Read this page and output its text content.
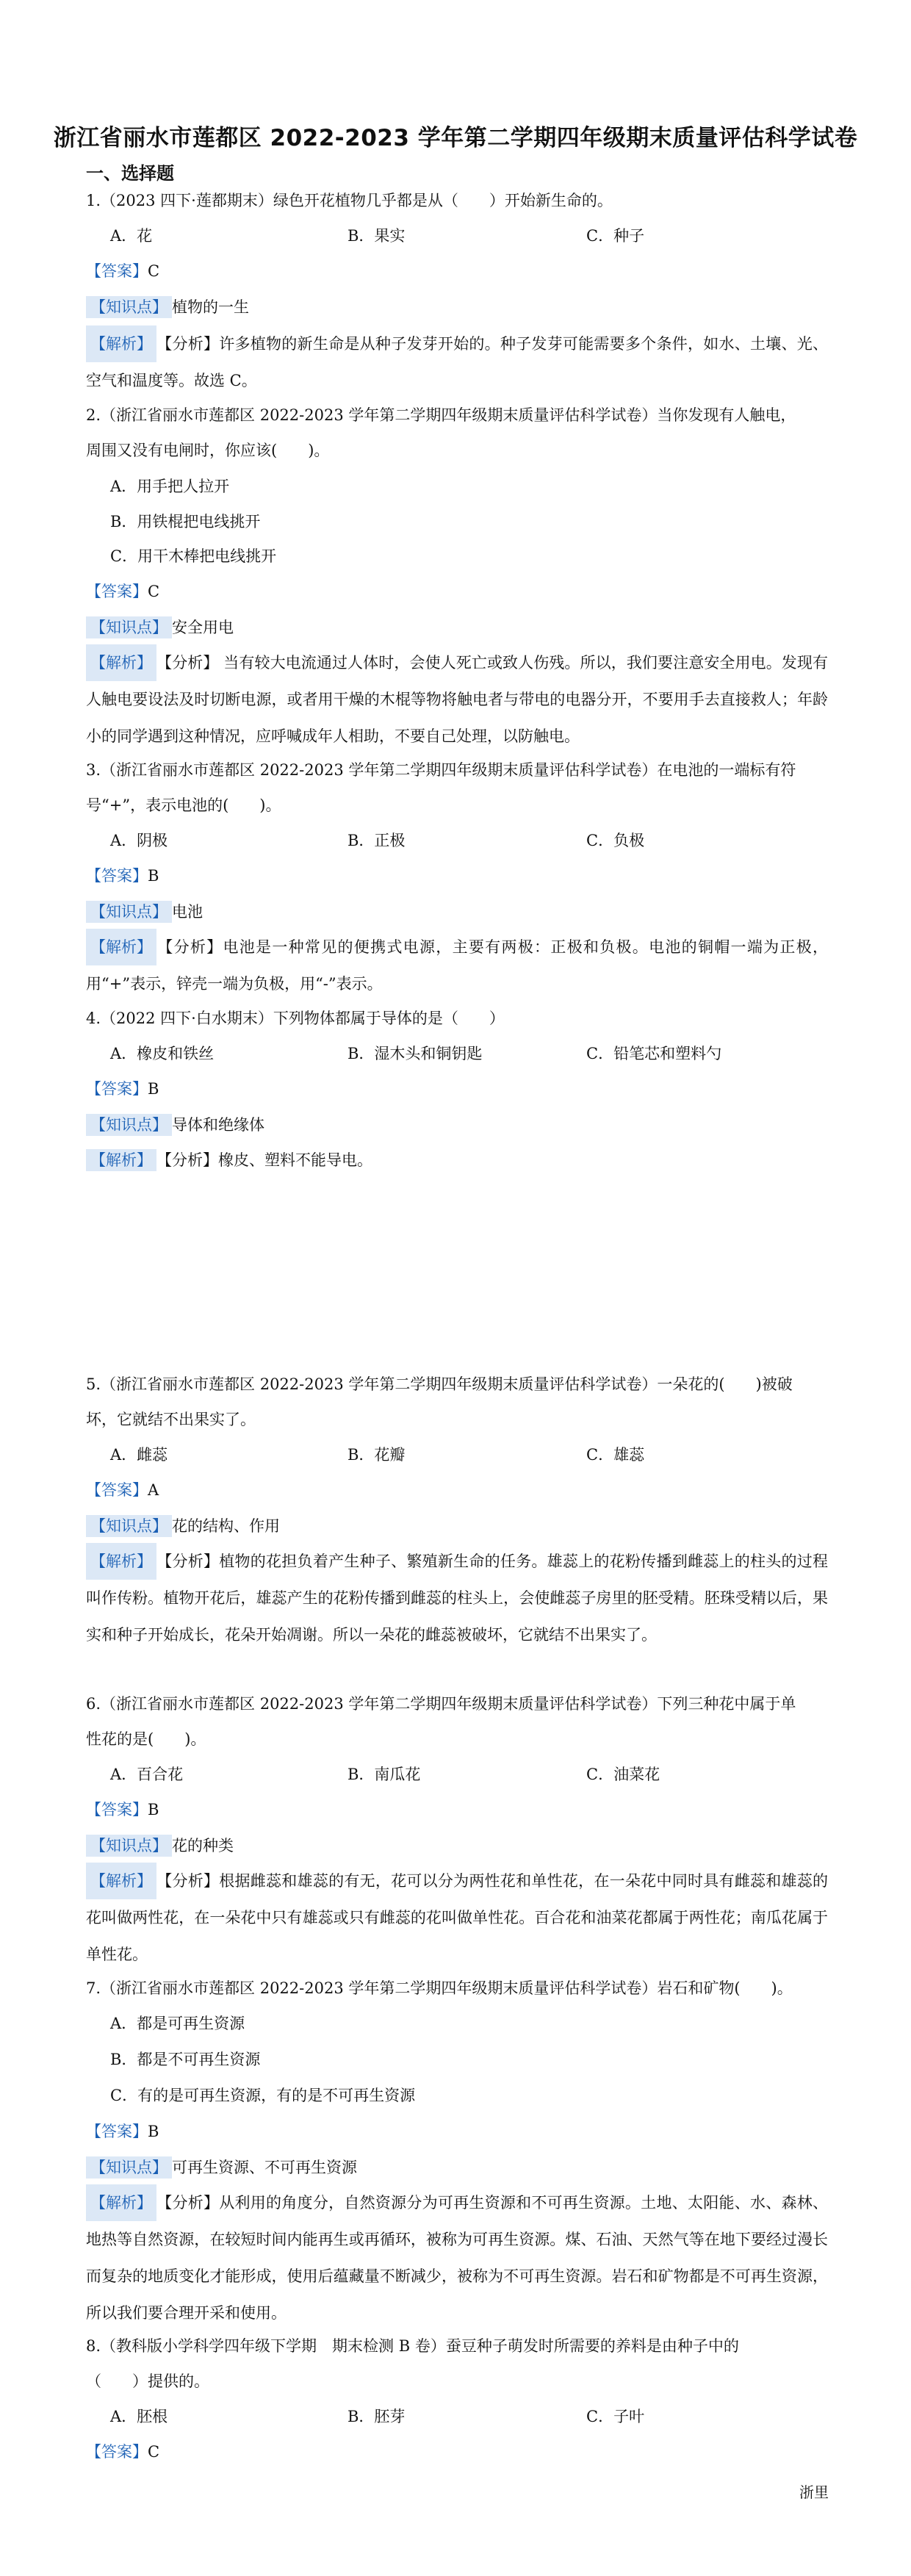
浙江省丽水市莲都区 2022-2023 学年第二学期四年级期末质量评估科学试卷
一、选择题
1.（2023 四下·莲都期末）绿色开花植物几乎都是从（　　）开始新生命的。
A．花	B．果实	C．种子
【答案】C
【知识点】 植物的一生
【解析】 【分析】许多植物的新生命是从种子发芽开始的。种子发芽可能需要多个条件，如水、土壤、光、空气和温度等。故选 C。
2.（浙江省丽水市莲都区 2022-2023 学年第二学期四年级期末质量评估科学试卷）当你发现有人触电，
周围又没有电闸时，你应该(　　)。
A．用手把人拉开
B．用铁棍把电线挑开
C．用干木棒把电线挑开
【答案】C
【知识点】 安全用电
【解析】 【分析】 当有较大电流通过人体时，会使人死亡或致人伤残。所以，我们要注意安全用电。发现有人触电要设法及时切断电源，或者用干燥的木棍等物将触电者与带电的电器分开，不要用手去直接救人；年龄小的同学遇到这种情况，应呼喊成年人相助，不要自己处理，以防触电。
3.（浙江省丽水市莲都区 2022-2023 学年第二学期四年级期末质量评估科学试卷）在电池的一端标有符
号“+”，表示电池的(　　)。
A．阴极	B．正极	C．负极
【答案】B
【知识点】 电池
【解析】 【分析】电池是一种常见的便携式电源，主要有两极：正极和负极。电池的铜帽一端为正极，用“+”表示，锌壳一端为负极，用“-”表示。
4.（2022 四下·白水期末）下列物体都属于导体的是（　　）
A．橡皮和铁丝	B．湿木头和铜钥匙	C．铅笔芯和塑料勺
【答案】B
【知识点】 导体和绝缘体
【解析】 【分析】橡皮、塑料不能导电。
5.（浙江省丽水市莲都区 2022-2023 学年第二学期四年级期末质量评估科学试卷）一朵花的(　　)被破
坏，它就结不出果实了。
A．雌蕊	B．花瓣	C．雄蕊
【答案】A
【知识点】 花的结构、作用
【解析】 【分析】植物的花担负着产生种子、繁殖新生命的任务。雄蕊上的花粉传播到雌蕊上的柱头的过程叫作传粉。植物开花后，雄蕊产生的花粉传播到雌蕊的柱头上，会使雌蕊子房里的胚受精。胚珠受精以后，果实和种子开始成长，花朵开始凋谢。所以一朵花的雌蕊被破坏，它就结不出果实了。
6.（浙江省丽水市莲都区 2022-2023 学年第二学期四年级期末质量评估科学试卷）下列三种花中属于单
性花的是(　　)。
A．百合花	B．南瓜花	C．油菜花
【答案】B
【知识点】 花的种类
【解析】 【分析】根据雌蕊和雄蕊的有无，花可以分为两性花和单性花，在一朵花中同时具有雌蕊和雄蕊的花叫做两性花，在一朵花中只有雄蕊或只有雌蕊的花叫做单性花。百合花和油菜花都属于两性花；南瓜花属于单性花。
7.（浙江省丽水市莲都区 2022-2023 学年第二学期四年级期末质量评估科学试卷）岩石和矿物(　　)。
A．都是可再生资源
B．都是不可再生资源
C．有的是可再生资源，有的是不可再生资源
【答案】B
【知识点】 可再生资源、不可再生资源
【解析】 【分析】从利用的角度分，自然资源分为可再生资源和不可再生资源。土地、太阳能、水、森林、地热等自然资源，在较短时间内能再生或再循环，被称为可再生资源。煤、石油、天然气等在地下要经过漫长而复杂的地质变化才能形成，使用后蕴藏量不断减少，被称为不可再生资源。岩石和矿物都是不可再生资源，所以我们要合理开采和使用。
8.（教科版小学科学四年级下学期　期末检测 B 卷）蚕豆种子萌发时所需要的养料是由种子中的
（　　）提供的。
A．胚根	B．胚芽	C．子叶
【答案】C
浙里
